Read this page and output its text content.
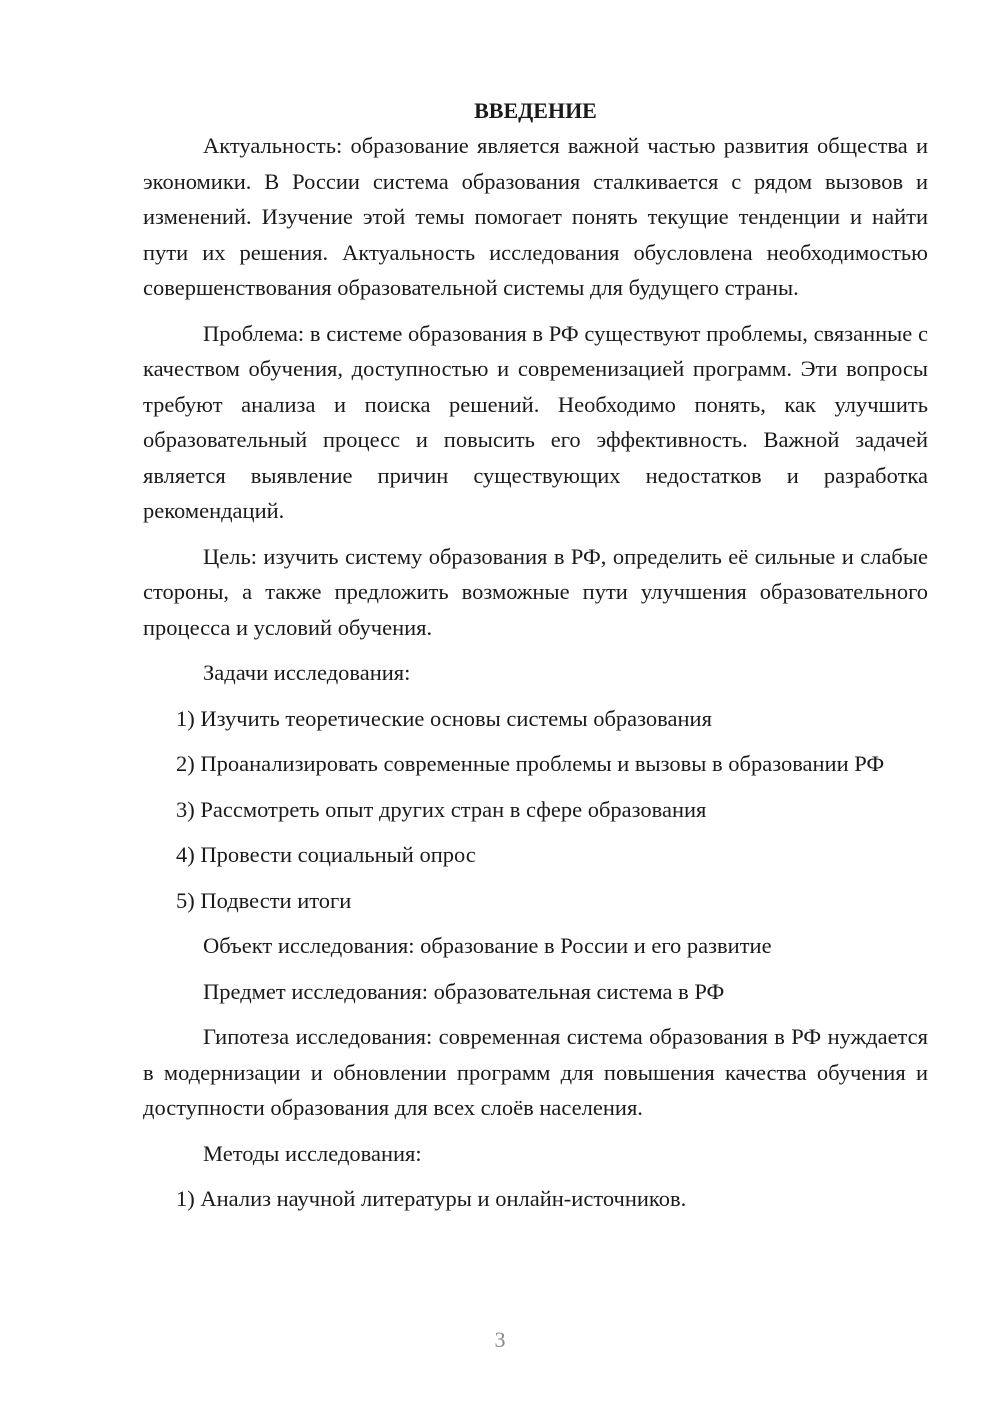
ВВЕДЕНИЕ

Актуальность: образование является важной частью развития общества и экономики. В России система образования сталкивается с рядом вызовов и изменений. Изучение этой темы помогает понять текущие тенденции и найти пути их решения. Актуальность исследования обусловлена необходимостью совершенствования образовательной системы для будущего страны.

Проблема: в системе образования в РФ существуют проблемы, связанные с качеством обучения, доступностью и современизацией программ. Эти вопросы требуют анализа и поиска решений. Необходимо понять, как улучшить образовательный процесс и повысить его эффективность. Важной задачей является выявление причин существующих недостатков и разработка рекомендаций.

Цель: изучить систему образования в РФ, определить её сильные и слабые стороны, а также предложить возможные пути улучшения образовательного процесса и условий обучения.

Задачи исследования:

1) Изучить теоретические основы системы образования

2) Проанализировать современные проблемы и вызовы в образовании РФ

3) Рассмотреть опыт других стран в сфере образования

4) Провести социальный опрос

5) Подвести итоги

Объект исследования: образование в России и его развитие

Предмет исследования: образовательная система в РФ

Гипотеза исследования: современная система образования в РФ нуждается в модернизации и обновлении программ для повышения качества обучения и доступности образования для всех слоёв населения.

Методы исследования:

1) Анализ научной литературы и онлайн-источников.

3
